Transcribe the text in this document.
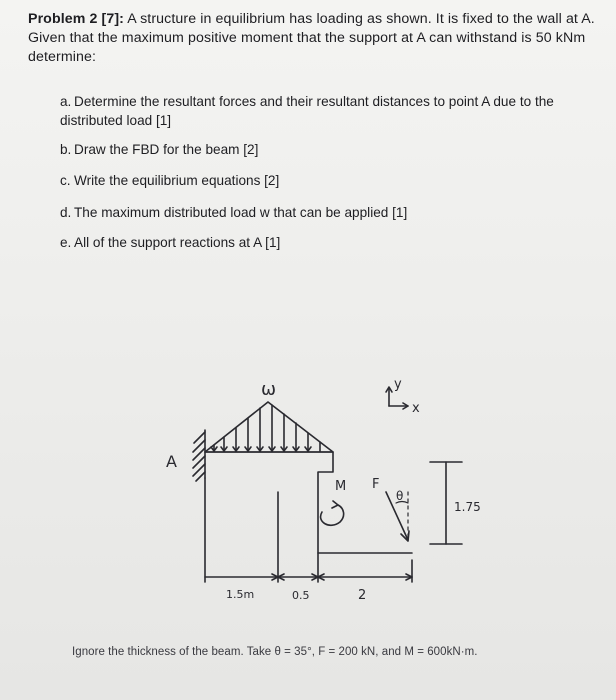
Problem 2 [7]: A structure in equilibrium has loading as shown. It is fixed to the wall at A. Given that the maximum positive moment that the support at A can withstand is 50 kNm determine:
a. Determine the resultant forces and their resultant distances to point A due to the distributed load [1]
b. Draw the FBD for the beam [2]
c. Write the equilibrium equations [2]
d. The maximum distributed load w that can be applied [1]
e. All of the support reactions at A [1]
ω
A
M F
θ
y
x
1.75
1.5m	0.5	2
Ignore the thickness of the beam. Take θ = 35°, F = 200 kN, and M = 600kN·m.
